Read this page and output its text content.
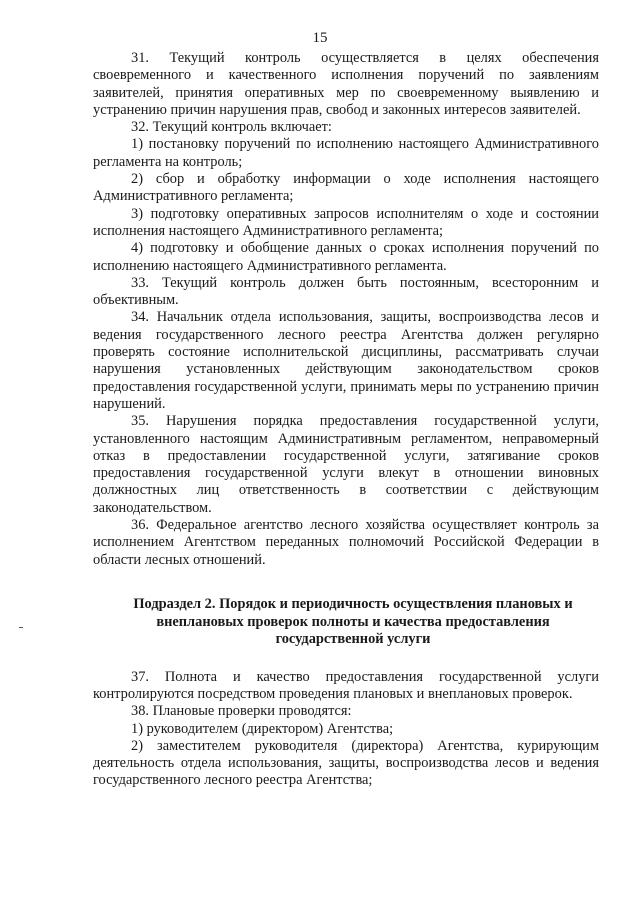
15

31. Текущий контроль осуществляется в целях обеспечения своевременного и качественного исполнения поручений по заявлениям заявителей, принятия оперативных мер по своевременному выявлению и устранению причин нарушения прав, свобод и законных интересов заявителей.

32. Текущий контроль включает:

1) постановку поручений по исполнению настоящего Административного регламента на контроль;

2) сбор и обработку информации о ходе исполнения настоящего Административного регламента;

3) подготовку оперативных запросов исполнителям о ходе и состоянии исполнения настоящего Административного регламента;

4) подготовку и обобщение данных о сроках исполнения поручений по исполнению настоящего Административного регламента.

33. Текущий контроль должен быть постоянным, всесторонним и объективным.

34. Начальник отдела использования, защиты, воспроизводства лесов и ведения государственного лесного реестра Агентства должен регулярно проверять состояние исполнительской дисциплины, рассматривать случаи нарушения установленных действующим законодательством сроков предоставления государственной услуги, принимать меры по устранению причин нарушений.

35. Нарушения порядка предоставления государственной услуги, установленного настоящим Административным регламентом, неправомерный отказ в предоставлении государственной услуги, затягивание сроков предоставления государственной услуги влекут в отношении виновных должностных лиц ответственность в соответствии с действующим законодательством.

36. Федеральное агентство лесного хозяйства осуществляет контроль за исполнением Агентством переданных полномочий Российской Федерации в области лесных отношений.

Подраздел 2. Порядок и периодичность осуществления плановых и внеплановых проверок полноты и качества предоставления государственной услуги

37. Полнота и качество предоставления государственной услуги контролируются посредством проведения плановых и внеплановых проверок.

38. Плановые проверки проводятся:

1) руководителем (директором) Агентства;

2) заместителем руководителя (директора) Агентства, курирующим деятельность отдела использования, защиты, воспроизводства лесов и ведения государственного лесного реестра Агентства;
